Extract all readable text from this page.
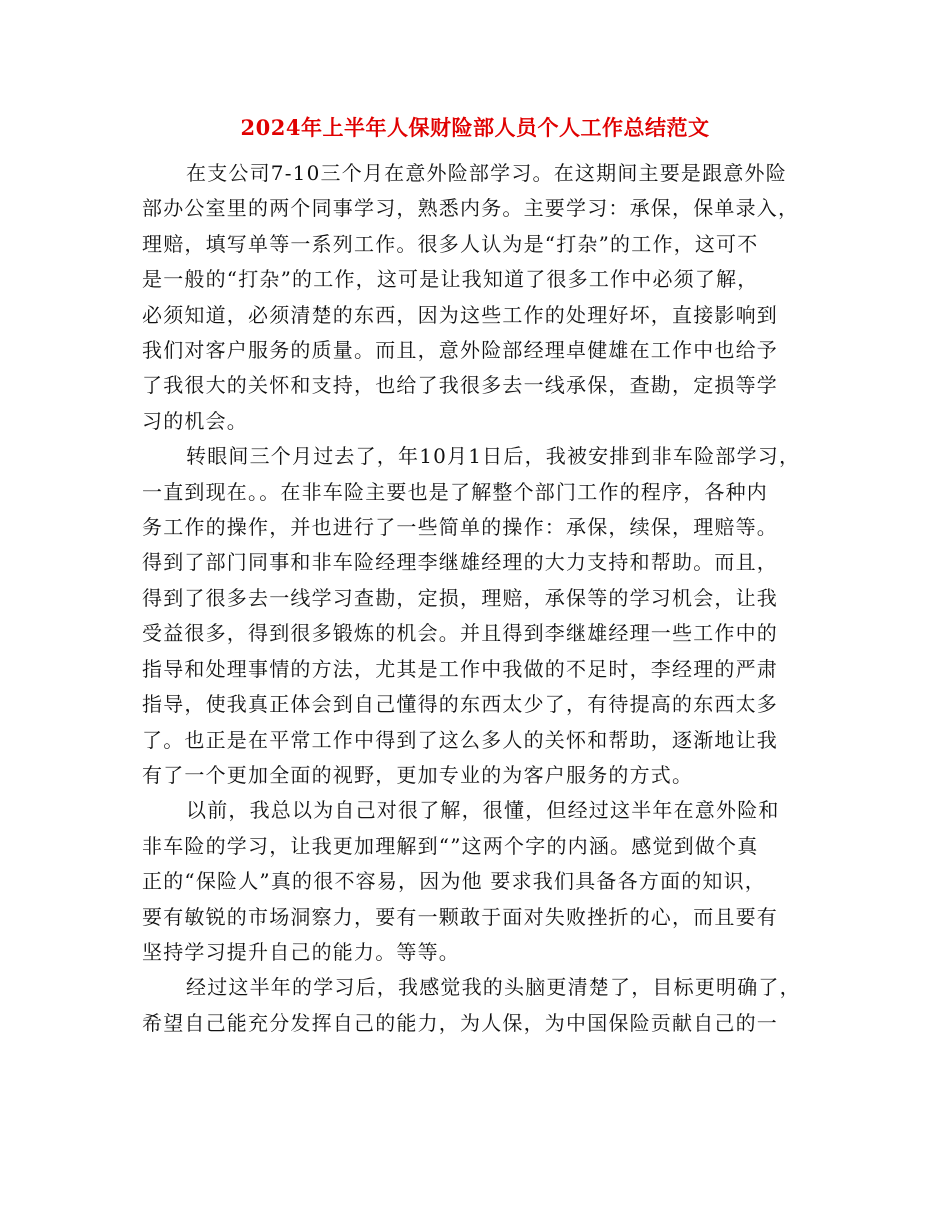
2024年上半年人保财险部人员个人工作总结范文
在支公司7-10三个月在意外险部学习。在这期间主要是跟意外险
部办公室里的两个同事学习，熟悉内务。主要学习：承保，保单录入，
理赔，填写单等一系列工作。很多人认为是“打杂”的工作，这可不
是一般的“打杂”的工作，这可是让我知道了很多工作中必须了解，
必须知道，必须清楚的东西，因为这些工作的处理好坏，直接影响到
我们对客户服务的质量。而且，意外险部经理卓健雄在工作中也给予
了我很大的关怀和支持，也给了我很多去一线承保，查勘，定损等学
习的机会。
转眼间三个月过去了，年10月1日后，我被安排到非车险部学习，
一直到现在。。在非车险主要也是了解整个部门工作的程序，各种内
务工作的操作，并也进行了一些简单的操作：承保，续保，理赔等。
得到了部门同事和非车险经理李继雄经理的大力支持和帮助。而且，
得到了很多去一线学习查勘，定损，理赔，承保等的学习机会，让我
受益很多，得到很多锻炼的机会。并且得到李继雄经理一些工作中的
指导和处理事情的方法，尤其是工作中我做的不足时，李经理的严肃
指导，使我真正体会到自己懂得的东西太少了，有待提高的东西太多
了。也正是在平常工作中得到了这么多人的关怀和帮助，逐渐地让我
有了一个更加全面的视野，更加专业的为客户服务的方式。
以前，我总以为自己对很了解，很懂，但经过这半年在意外险和
非车险的学习，让我更加理解到“”这两个字的内涵。感觉到做个真
正的“保险人”真的很不容易，因为他 要求我们具备各方面的知识，
要有敏锐的市场洞察力，要有一颗敢于面对失败挫折的心，而且要有
坚持学习提升自己的能力。等等。
经过这半年的学习后，我感觉我的头脑更清楚了，目标更明确了，
希望自己能充分发挥自己的能力，为人保，为中国保险贡献自己的一
